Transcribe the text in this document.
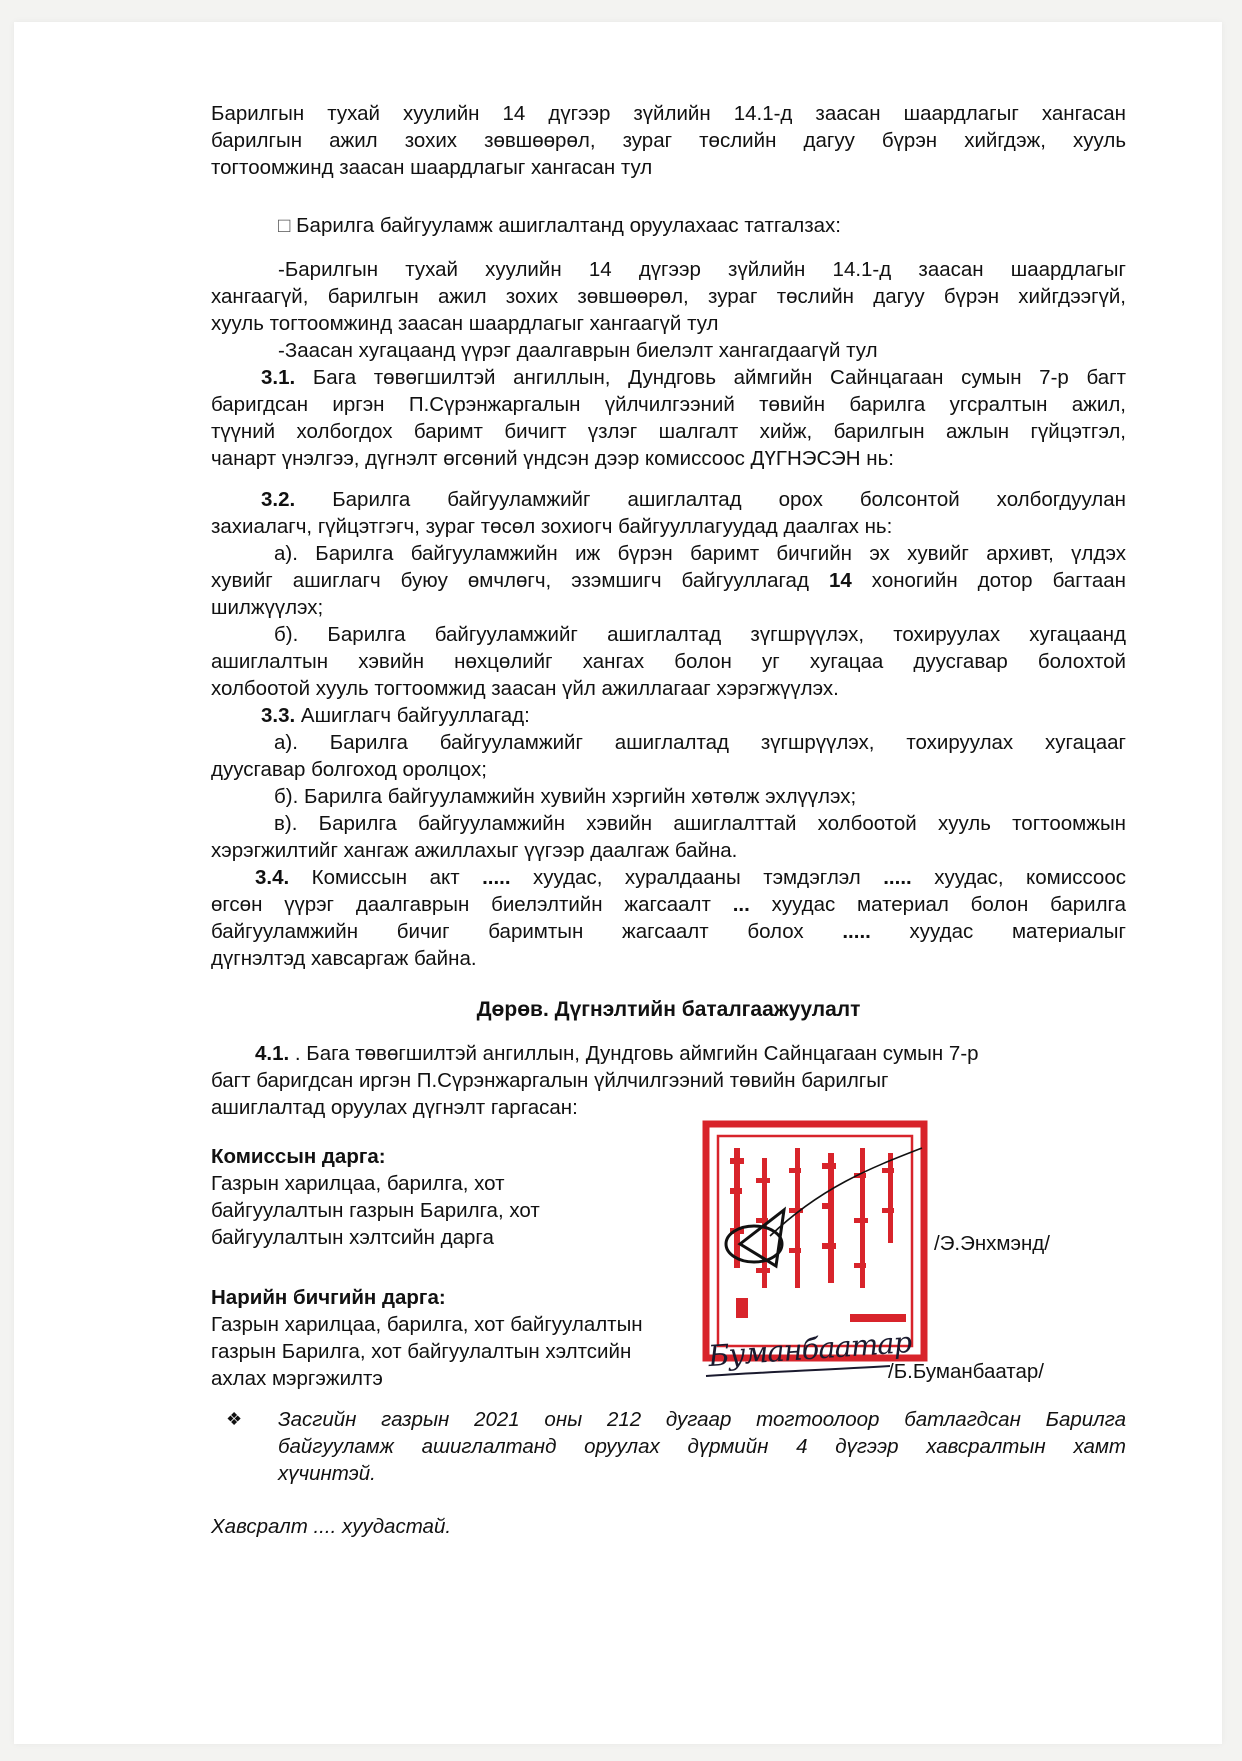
Барилгын тухай хуулийн 14 дүгээр зүйлийн 14.1-д заасан шаардлагыг хангасан
барилгын ажил зохих зөвшөөрөл, зураг төслийн дагуу бүрэн хийгдэж, хууль
тогтоомжинд заасан шаардлагыг хангасан тул
□ Барилга байгууламж ашиглалтанд оруулахаас татгалзах:
-Барилгын тухай хуулийн 14 дүгээр зүйлийн 14.1-д заасан шаардлагыг
хангаагүй, барилгын ажил зохих зөвшөөрөл, зураг төслийн дагуу бүрэн хийгдээгүй,
хууль тогтоомжинд заасан шаардлагыг хангаагүй тул
-Заасан хугацаанд үүрэг даалгаврын биелэлт хангагдаагүй тул
3.1. Бага төвөгшилтэй ангиллын, Дундговь аймгийн Сайнцагаан сумын 7-р багт
баригдсан иргэн П.Сүрэнжаргалын үйлчилгээний төвийн барилга угсралтын ажил,
түүний холбогдох баримт бичигт үзлэг шалгалт хийж, барилгын ажлын гүйцэтгэл,
чанарт үнэлгээ, дүгнэлт өгсөний үндсэн дээр комиссоос ДҮГНЭСЭН нь:
3.2. Барилга байгууламжийг ашиглалтад орох болсонтой холбогдуулан
захиалагч, гүйцэтгэгч, зураг төсөл зохиогч байгууллагуудад даалгах нь:
а). Барилга байгууламжийн иж бүрэн баримт бичгийн эх хувийг архивт, үлдэх
хувийг ашиглагч буюу өмчлөгч, эзэмшигч байгууллагад 14 хоногийн дотор багтаан
шилжүүлэх;
б). Барилга байгууламжийг ашиглалтад зүгшрүүлэх, тохируулах хугацаанд
ашиглалтын хэвийн нөхцөлийг хангах болон уг хугацаа дуусгавар болохтой
холбоотой хууль тогтоомжид заасан үйл ажиллагааг хэрэгжүүлэх.
3.3. Ашиглагч байгууллагад:
а). Барилга байгууламжийг ашиглалтад зүгшрүүлэх, тохируулах хугацааг
дуусгавар болгоход оролцох;
б). Барилга байгууламжийн хувийн хэргийн хөтөлж эхлүүлэх;
в). Барилга байгууламжийн хэвийн ашиглалттай холбоотой хууль тогтоомжын
хэрэгжилтийг хангаж ажиллахыг үүгээр даалгаж байна.
3.4. Комиссын акт ..... хуудас, хуралдааны тэмдэглэл ..... хуудас, комиссоос
өгсөн үүрэг даалгаврын биелэлтийн жагсаалт ... хуудас материал болон барилга
байгууламжийн бичиг баримтын жагсаалт болох ..... хуудас материалыг
дүгнэлтэд хавсаргаж байна.
Дөрөв. Дүгнэлтийн баталгаажуулалт
4.1. . Бага төвөгшилтэй ангиллын, Дундговь аймгийн Сайнцагаан сумын 7-р
багт баригдсан иргэн П.Сүрэнжаргалын үйлчилгээний төвийн барилгыг
ашиглалтад оруулах дүгнэлт гаргасан:
Комиссын дарга:
Газрын харилцаа, барилга, хот
байгуулалтын газрын Барилга, хот
байгуулалтын хэлтсийн дарга	/Э.Энхмэнд/
Нарийн бичгийн дарга:
Газрын харилцаа, барилга, хот байгуулалтын
газрын Барилга, хот байгуулалтын хэлтсийн
ахлах мэргэжилтэ
Буманбаатар
/Б.Буманбаатар/
❖ Засгийн газрын 2021 оны 212 дугаар тогтоолоор батлагдсан Барилга
байгууламж ашиглалтанд оруулах дүрмийн 4 дүгээр хавсралтын хамт
хүчинтэй.
Хавсралт .... хуудастай.
